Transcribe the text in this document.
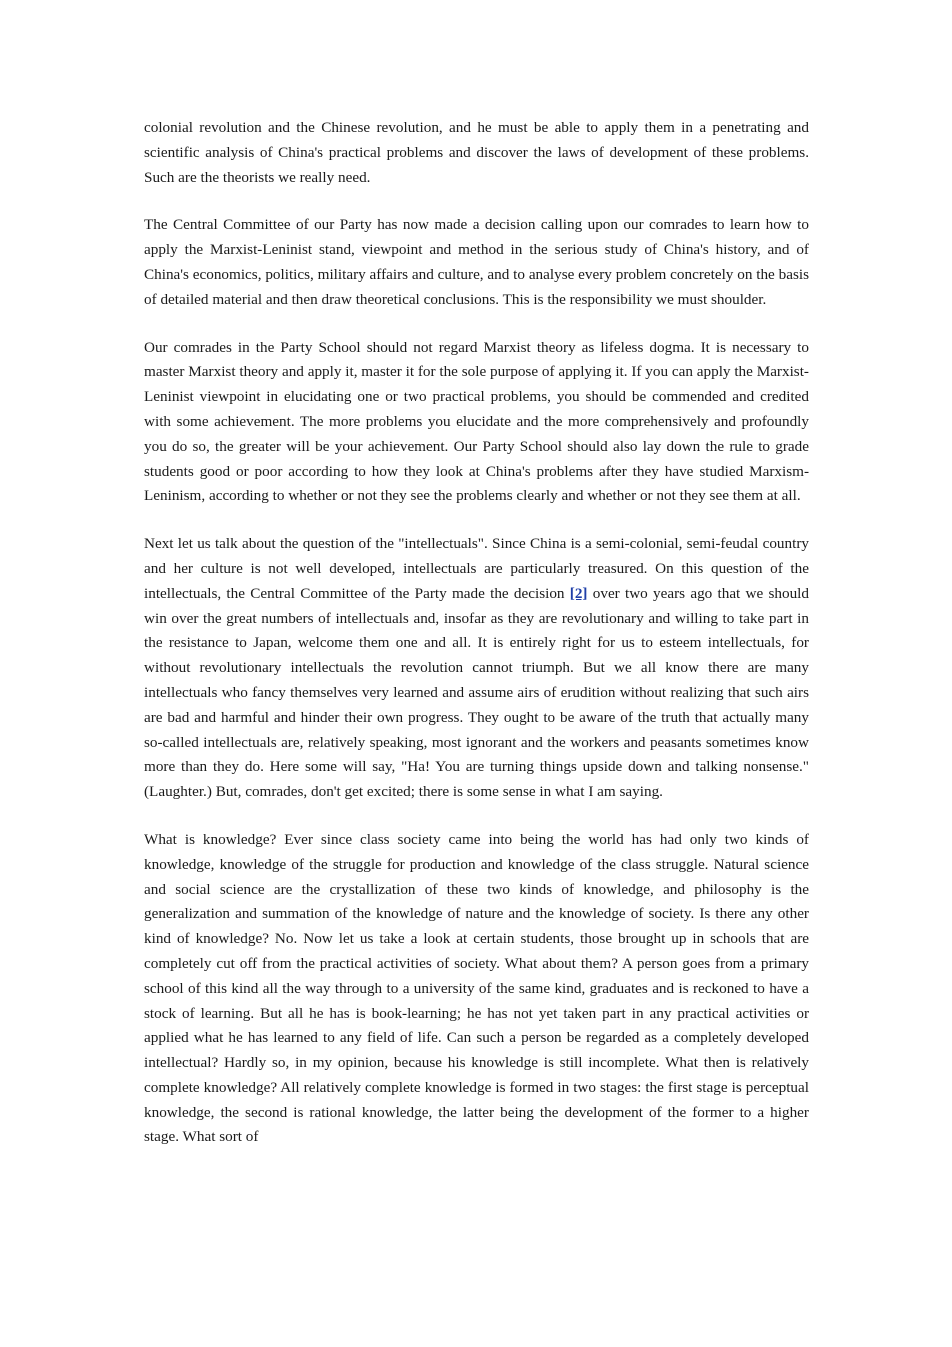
colonial revolution and the Chinese revolution, and he must be able to apply them in a penetrating and scientific analysis of China's practical problems and discover the laws of development of these problems. Such are the theorists we really need.

The Central Committee of our Party has now made a decision calling upon our comrades to learn how to apply the Marxist-Leninist stand, viewpoint and method in the serious study of China's history, and of China's economics, politics, military affairs and culture, and to analyse every problem concretely on the basis of detailed material and then draw theoretical conclusions. This is the responsibility we must shoulder.

Our comrades in the Party School should not regard Marxist theory as lifeless dogma. It is necessary to master Marxist theory and apply it, master it for the sole purpose of applying it. If you can apply the Marxist-Leninist viewpoint in elucidating one or two practical problems, you should be commended and credited with some achievement. The more problems you elucidate and the more comprehensively and profoundly you do so, the greater will be your achievement. Our Party School should also lay down the rule to grade students good or poor according to how they look at China's problems after they have studied Marxism-Leninism, according to whether or not they see the problems clearly and whether or not they see them at all.

Next let us talk about the question of the "intellectuals". Since China is a semi-colonial, semi-feudal country and her culture is not well developed, intellectuals are particularly treasured. On this question of the intellectuals, the Central Committee of the Party made the decision [2] over two years ago that we should win over the great numbers of intellectuals and, insofar as they are revolutionary and willing to take part in the resistance to Japan, welcome them one and all. It is entirely right for us to esteem intellectuals, for without revolutionary intellectuals the revolution cannot triumph. But we all know there are many intellectuals who fancy themselves very learned and assume airs of erudition without realizing that such airs are bad and harmful and hinder their own progress. They ought to be aware of the truth that actually many so-called intellectuals are, relatively speaking, most ignorant and the workers and peasants sometimes know more than they do. Here some will say, "Ha! You are turning things upside down and talking nonsense." (Laughter.) But, comrades, don't get excited; there is some sense in what I am saying.

What is knowledge? Ever since class society came into being the world has had only two kinds of knowledge, knowledge of the struggle for production and knowledge of the class struggle. Natural science and social science are the crystallization of these two kinds of knowledge, and philosophy is the generalization and summation of the knowledge of nature and the knowledge of society. Is there any other kind of knowledge? No. Now let us take a look at certain students, those brought up in schools that are completely cut off from the practical activities of society. What about them? A person goes from a primary school of this kind all the way through to a university of the same kind, graduates and is reckoned to have a stock of learning. But all he has is book-learning; he has not yet taken part in any practical activities or applied what he has learned to any field of life. Can such a person be regarded as a completely developed intellectual? Hardly so, in my opinion, because his knowledge is still incomplete. What then is relatively complete knowledge? All relatively complete knowledge is formed in two stages: the first stage is perceptual knowledge, the second is rational knowledge, the latter being the development of the former to a higher stage. What sort of
